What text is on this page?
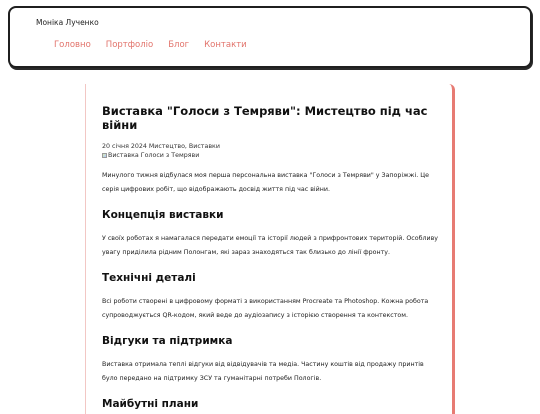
Моніка Лученко
Головно Портфоліо Блог Контакти
Виставка "Голоси з Темряви": Мистецтво під час війни
20 січня 2024 Мистецтво, Виставки
Виставка Голоси з Темряви

Минулого тижня відбулася моя перша персональна виставка "Голоси з Темряви" у Запоріжжі. Це серія цифрових робіт, що відображають досвід життя під час війни.

Концепція виставки

У своїх роботах я намагалася передати емоції та історії людей з прифронтових територій. Особливу увагу приділила рідним Полонгам, які зараз знаходяться так близько до лінії фронту.

Технічні деталі

Всі роботи створені в цифровому форматі з використанням Procreate та Photoshop. Кожна робота супроводжується QR-кодом, який веде до аудіозапису з історією створення та контекстом.

Відгуки та підтримка

Виставка отримала теплі відгуки від відвідувачів та медіа. Частину коштів від продажу принтів було передано на підтримку ЗСУ та гуманітарні потреби Пологів.

Майбутні плани
